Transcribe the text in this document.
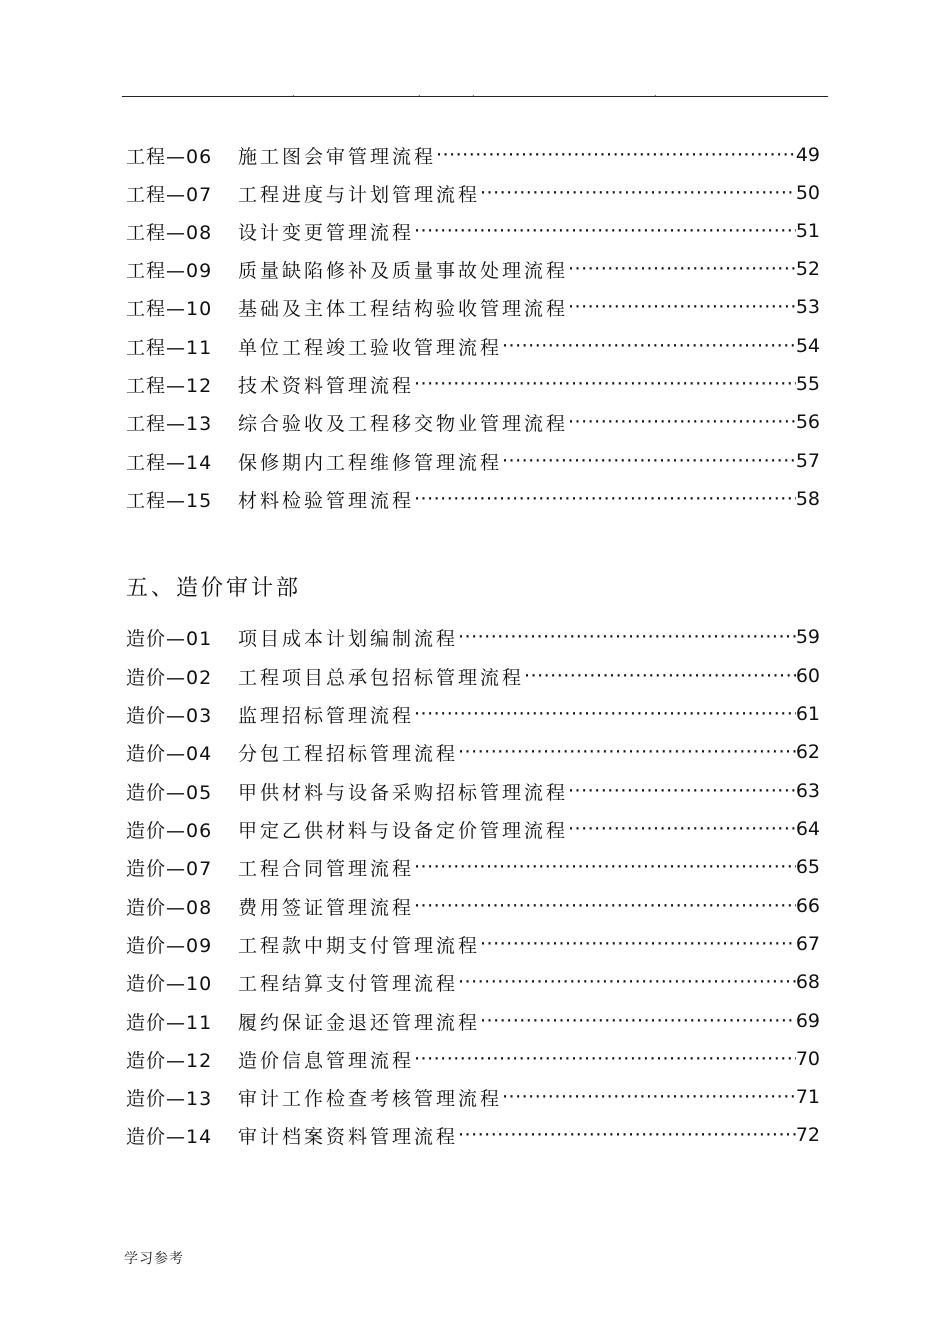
.	.	.	.
工程—06	施工图会审管理流程 ·····	49
工程—07	工程进度与计划管理流程 ·····	50
工程—08	设计变更管理流程 ·····	51
工程—09	质量缺陷修补及质量事故处理流程 ·····	52
工程—10	基础及主体工程结构验收管理流程 ·····	53
工程—11	单位工程竣工验收管理流程 ·····	54
工程—12	技术资料管理流程 ·····	55
工程—13	综合验收及工程移交物业管理流程 ·····	56
工程—14	保修期内工程维修管理流程 ·····	57
工程—15	材料检验管理流程 ·····	58
五、造价审计部
造价—01	项目成本计划编制流程 ·····	59
造价—02	工程项目总承包招标管理流程 ·····	60
造价—03	监理招标管理流程 ·····	61
造价—04	分包工程招标管理流程 ·····	62
造价—05	甲供材料与设备采购招标管理流程 ·····	63
造价—06	甲定乙供材料与设备定价管理流程 ·····	64
造价—07	工程合同管理流程 ·····	65
造价—08	费用签证管理流程 ·····	66
造价—09	工程款中期支付管理流程 ·····	67
造价—10	工程结算支付管理流程 ·····	68
造价—11	履约保证金退还管理流程 ·····	69
造价—12	造价信息管理流程 ·····	70
造价—13	审计工作检查考核管理流程 ·····	71
造价—14	审计档案资料管理流程 ·····	72
学习参考
